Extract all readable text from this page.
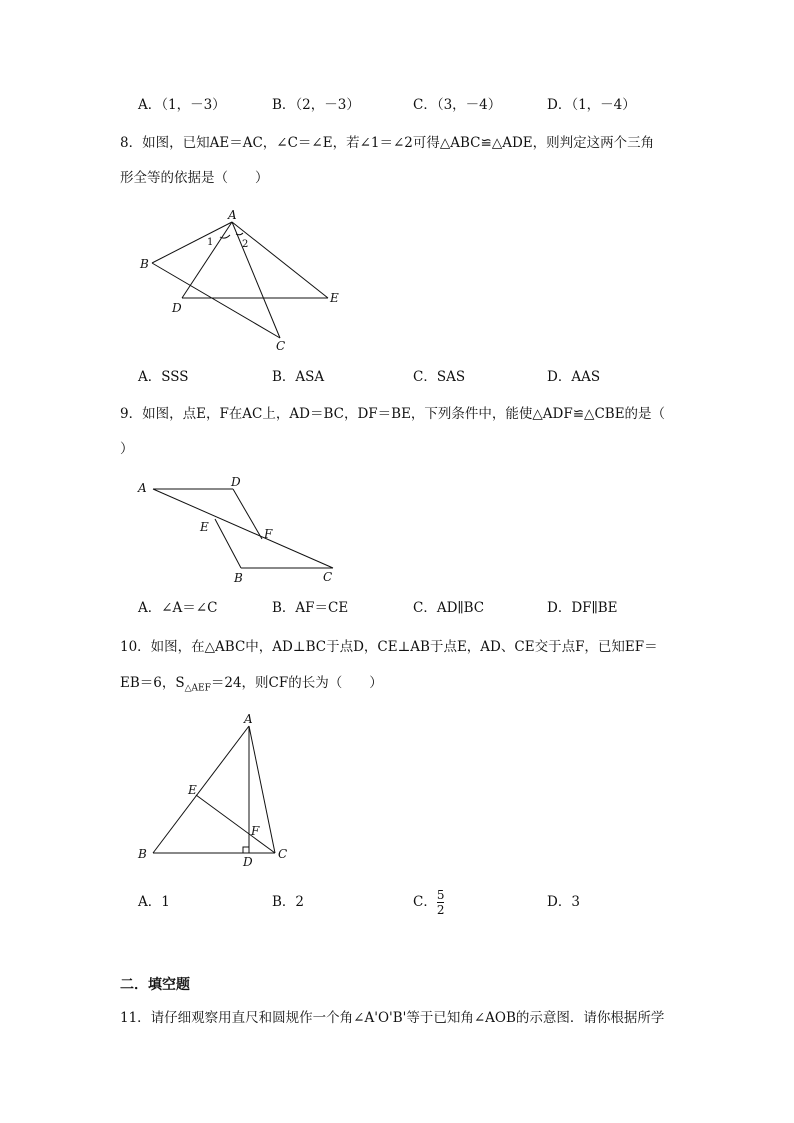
A．（1，－3）	B．（2，－3）	C．（3，－4）	D．（1，－4）
8．如图，已知AE＝AC，∠C＝∠E，若∠1＝∠2可得△ABC≌△ADE，则判定这两个三角
形全等的依据是（　　）
A
B
C
D
E
1	2
A．SSS	B．ASA	C．SAS	D．AAS
9．如图，点E，F在AC上，AD＝BC，DF＝BE，下列条件中，能使△ADF≌△CBE的是（
）
A	D
E	F
B	C
A．∠A＝∠C	B．AF＝CE	C．AD∥BC	D．DF∥BE
10．如图，在△ABC中，AD⊥BC于点D，CE⊥AB于点E，AD、CE交于点F，已知EF＝
EB＝6，$S_{\triangle AEF}=24$，则CF的长为（　　）
A
E
F
B
D
C
A．1	B．2	C． $\frac{5}{2}$	D．3
二．填空题
11．请仔细观察用直尺和圆规作一个角∠A'O'B'等于已知角∠AOB的示意图．请你根据所学
